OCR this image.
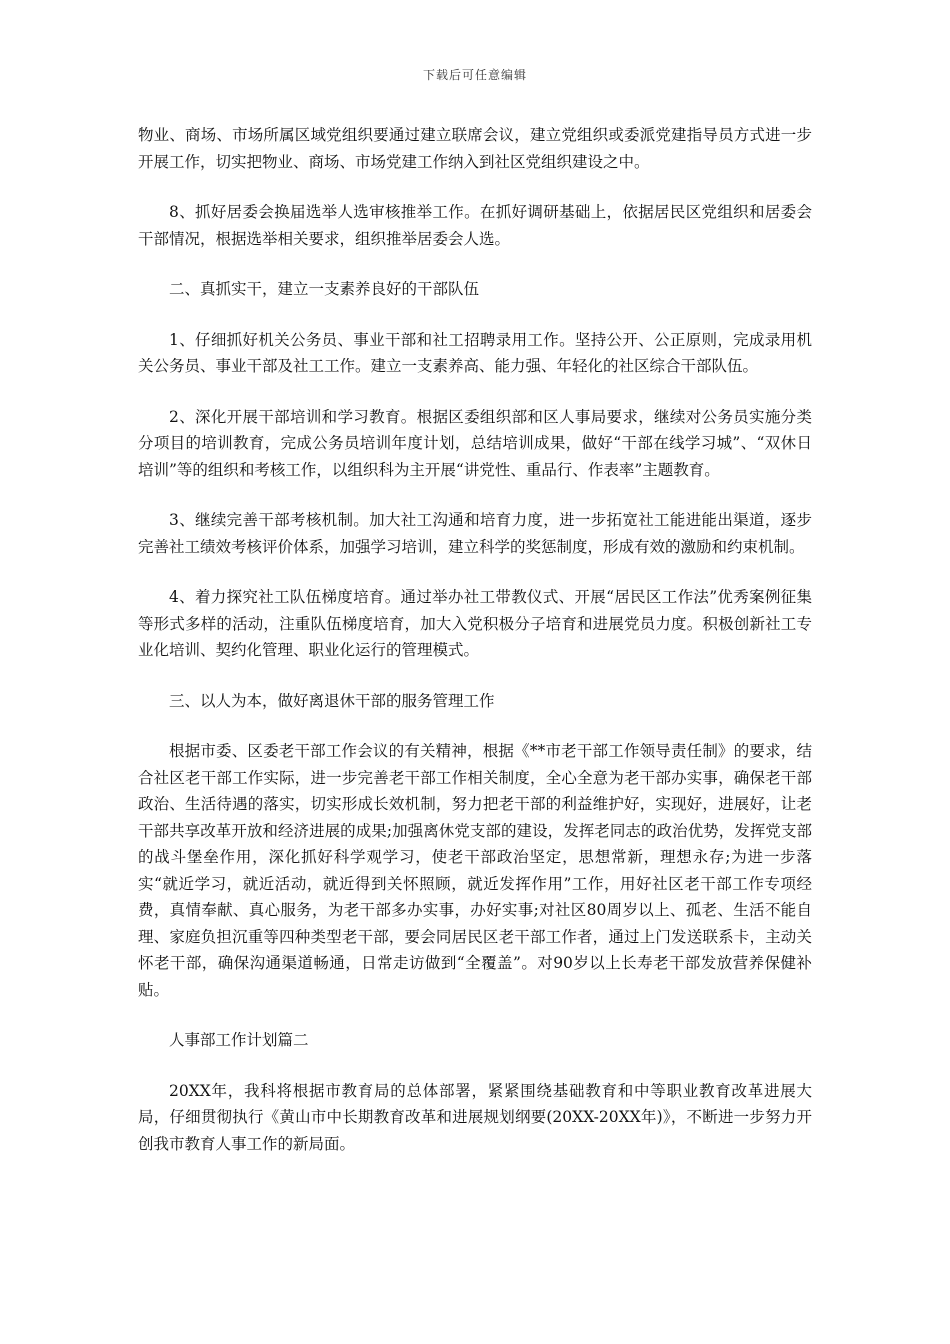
下载后可任意编辑

物业、商场、市场所属区域党组织要通过建立联席会议，建立党组织或委派党建指导员方式进一步开展工作，切实把物业、商场、市场党建工作纳入到社区党组织建设之中。

8、抓好居委会换届选举人选审核推举工作。在抓好调研基础上，依据居民区党组织和居委会干部情况，根据选举相关要求，组织推举居委会人选。

二、真抓实干，建立一支素养良好的干部队伍

1、仔细抓好机关公务员、事业干部和社工招聘录用工作。坚持公开、公正原则，完成录用机关公务员、事业干部及社工工作。建立一支素养高、能力强、年轻化的社区综合干部队伍。

2、深化开展干部培训和学习教育。根据区委组织部和区人事局要求，继续对公务员实施分类分项目的培训教育，完成公务员培训年度计划，总结培训成果，做好“干部在线学习城”、“双休日培训”等的组织和考核工作，以组织科为主开展“讲党性、重品行、作表率”主题教育。

3、继续完善干部考核机制。加大社工沟通和培育力度，进一步拓宽社工能进能出渠道，逐步完善社工绩效考核评价体系，加强学习培训，建立科学的奖惩制度，形成有效的激励和约束机制。

4、着力探究社工队伍梯度培育。通过举办社工带教仪式、开展“居民区工作法”优秀案例征集等形式多样的活动，注重队伍梯度培育，加大入党积极分子培育和进展党员力度。积极创新社工专业化培训、契约化管理、职业化运行的管理模式。

三、以人为本，做好离退休干部的服务管理工作

根据市委、区委老干部工作会议的有关精神，根据《**市老干部工作领导责任制》的要求，结合社区老干部工作实际，进一步完善老干部工作相关制度，全心全意为老干部办实事，确保老干部政治、生活待遇的落实，切实形成长效机制，努力把老干部的利益维护好，实现好，进展好，让老干部共享改革开放和经济进展的成果;加强离休党支部的建设，发挥老同志的政治优势，发挥党支部的战斗堡垒作用，深化抓好科学观学习，使老干部政治坚定，思想常新，理想永存;为进一步落实“就近学习，就近活动，就近得到关怀照顾，就近发挥作用”工作，用好社区老干部工作专项经费，真情奉献、真心服务，为老干部多办实事，办好实事;对社区80周岁以上、孤老、生活不能自理、家庭负担沉重等四种类型老干部，要会同居民区老干部工作者，通过上门发送联系卡，主动关怀老干部，确保沟通渠道畅通，日常走访做到“全覆盖”。对90岁以上长寿老干部发放营养保健补贴。

人事部工作计划篇二

20XX年，我科将根据市教育局的总体部署，紧紧围绕基础教育和中等职业教育改革进展大局，仔细贯彻执行《黄山市中长期教育改革和进展规划纲要(20XX-20XX年)》，不断进一步努力开创我市教育人事工作的新局面。
